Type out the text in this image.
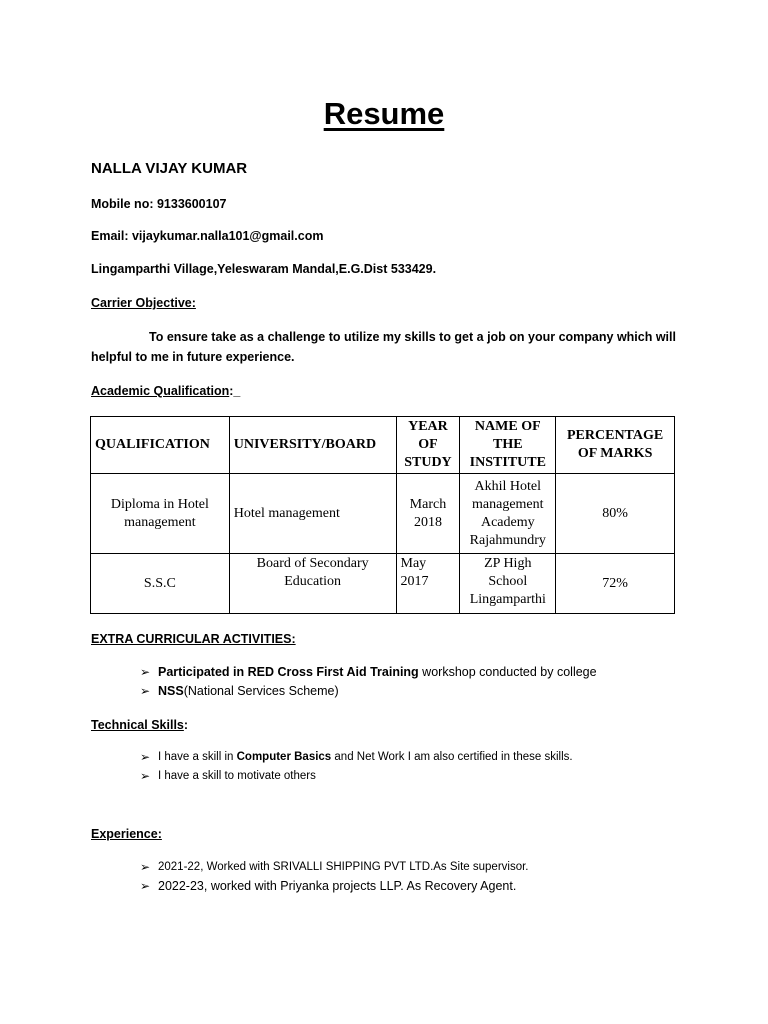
Resume
NALLA VIJAY KUMAR
Mobile no: 9133600107
Email: vijaykumar.nalla101@gmail.com
Lingamparthi Village,Yeleswaram Mandal,E.G.Dist 533429.
Carrier Objective:
To ensure take as a challenge to utilize my skills to get a job on your company which will helpful to me in future experience.
Academic Qualification:_
QUALIFICATION	UNIVERSITY/BOARD	YEAR OF STUDY	NAME OF THE INSTITUTE	PERCENTAGE OF MARKS
Diploma in Hotel management	Hotel management	March 2018	Akhil Hotel management Academy Rajahmundry	80%
S.S.C	Board of Secondary Education	May 2017	ZP High School Lingamparthi	72%
EXTRA CURRICULAR ACTIVITIES:
➢ Participated in RED Cross First Aid Training workshop conducted by college
➢ NSS(National Services Scheme)
Technical Skills:
➢ I have a skill in Computer Basics and Net Work I am also certified in these skills.
➢ I have a skill to motivate others
Experience:
➢ 2021-22, Worked with SRIVALLI SHIPPING PVT LTD.As Site supervisor.
➢ 2022-23, worked with Priyanka projects LLP. As Recovery Agent.
